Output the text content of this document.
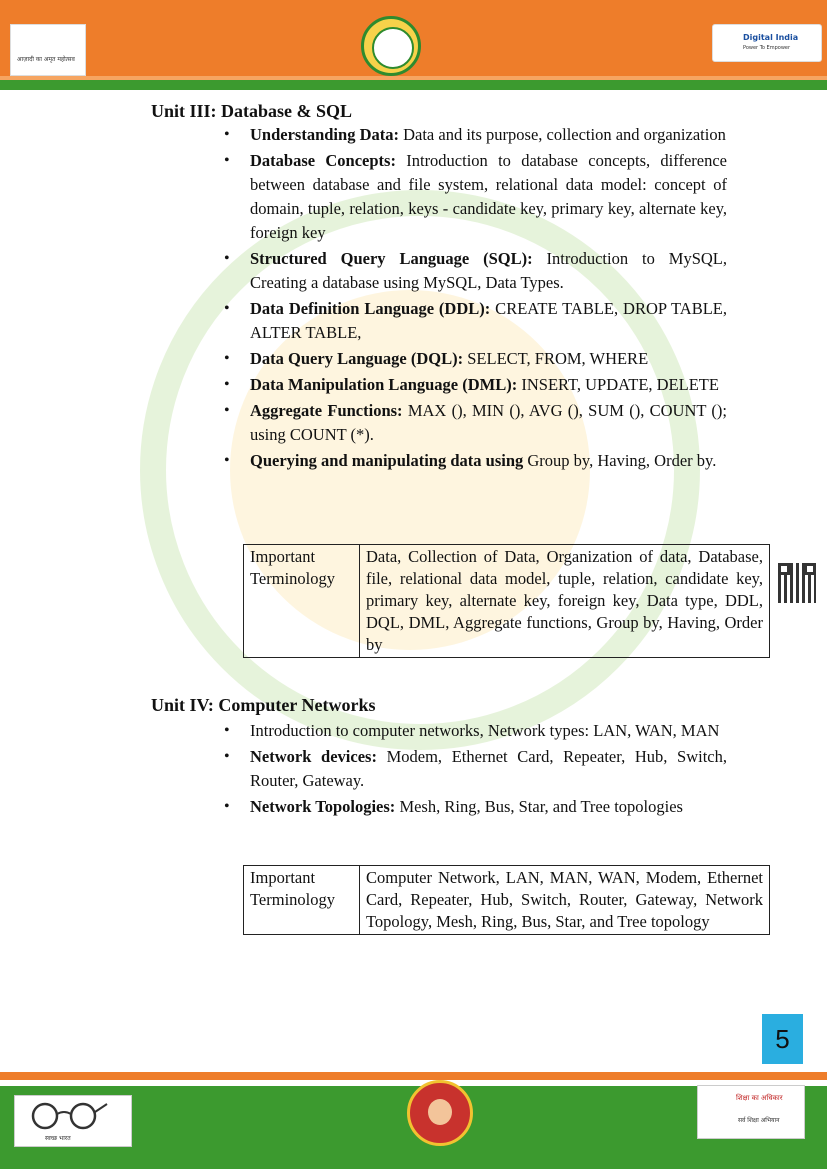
आज़ादी का अमृत महोत्सव
Digital India
Power To Empower
Unit III: Database & SQL
• Understanding Data: Data and its purpose, collection and organization
• Database Concepts: Introduction to database concepts, difference between database and file system, relational data model: concept of domain, tuple, relation, keys - candidate key, primary key, alternate key, foreign key
• Structured Query Language (SQL): Introduction to MySQL, Creating a database using MySQL, Data Types.
• Data Definition Language (DDL): CREATE TABLE, DROP TABLE, ALTER TABLE,
• Data Query Language (DQL): SELECT, FROM, WHERE
• Data Manipulation Language (DML): INSERT, UPDATE, DELETE
• Aggregate Functions: MAX (), MIN (), AVG (), SUM (), COUNT (); using COUNT (*).
• Querying and manipulating data using Group by, Having, Order by.
Important Terminology	Data, Collection of Data, Organization of data, Database, file, relational data model, tuple, relation, candidate key, primary key, alternate key, foreign key, Data type, DDL, DQL, DML, Aggregate functions, Group by, Having, Order by
Unit IV: Computer Networks
• Introduction to computer networks, Network types: LAN, WAN, MAN
• Network devices: Modem, Ethernet Card, Repeater, Hub, Switch, Router, Gateway.
• Network Topologies: Mesh, Ring, Bus, Star, and Tree topologies
Important Terminology	Computer Network, LAN, MAN, WAN, Modem, Ethernet Card, Repeater, Hub, Switch, Router, Gateway, Network Topology, Mesh, Ring, Bus, Star, and Tree topology
5
स्वच्छ भारत
शिक्षा का अधिकार
सर्व शिक्षा अभियान
